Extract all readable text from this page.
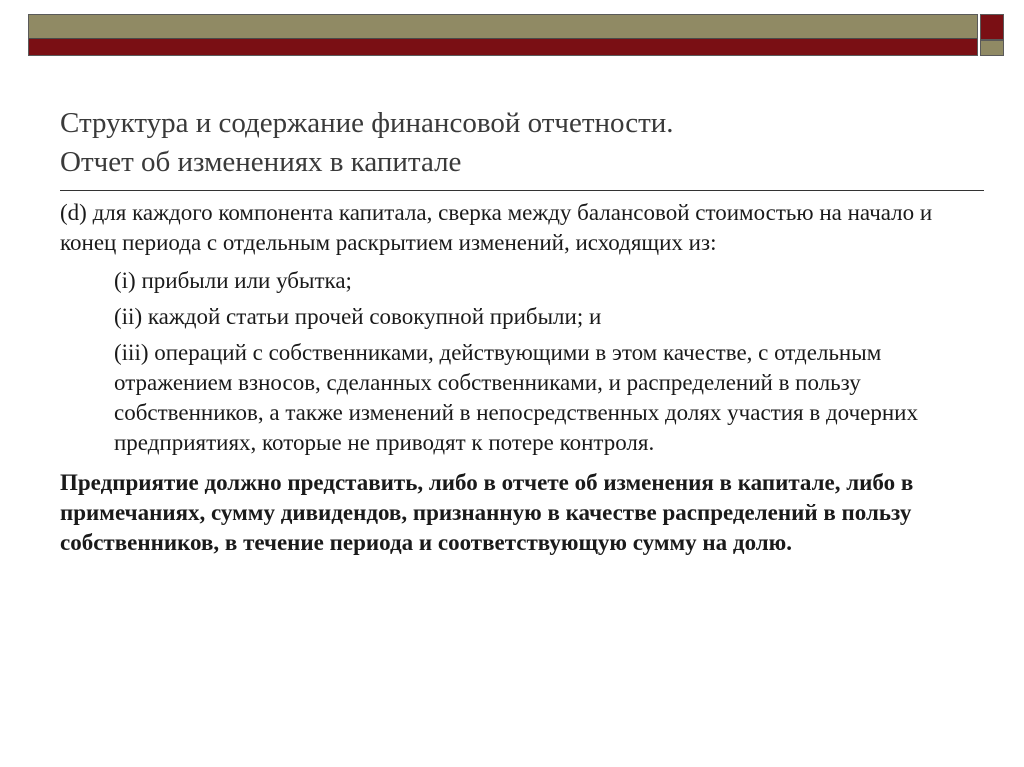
Структура и содержание финансовой отчетности.
Отчет об изменениях в капитале

(d) для каждого компонента капитала, сверка между балансовой стоимостью на начало и конец периода с отдельным раскрытием изменений, исходящих из:

(i) прибыли или убытка;

(ii) каждой статьи прочей совокупной прибыли; и

(iii) операций с собственниками, действующими в этом качестве, с отдельным отражением взносов, сделанных собственниками, и распределений в пользу собственников, а также изменений в непосредственных долях участия в дочерних предприятиях, которые не приводят к потере контроля.

Предприятие должно представить, либо в отчете об изменения в капитале, либо в примечаниях, сумму дивидендов, признанную в качестве распределений в пользу собственников, в течение периода и соответствующую сумму на долю.
